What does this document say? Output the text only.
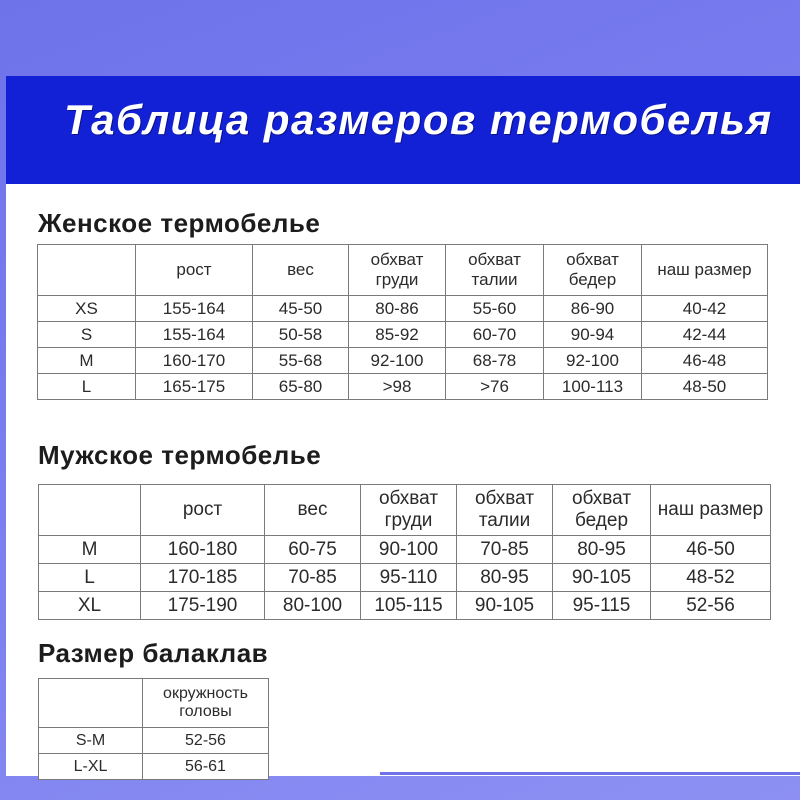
Таблица размеров термобелья
Женское термобелье
	рост	вес	обхват груди	обхват талии	обхват бедер	наш размер
XS	155-164	45-50	80-86	55-60	86-90	40-42
S	155-164	50-58	85-92	60-70	90-94	42-44
M	160-170	55-68	92-100	68-78	92-100	46-48
L	165-175	65-80	>98	>76	100-113	48-50
Мужское термобелье
	рост	вес	обхват груди	обхват талии	обхват бедер	наш размер
M	160-180	60-75	90-100	70-85	80-95	46-50
L	170-185	70-85	95-110	80-95	90-105	48-52
XL	175-190	80-100	105-115	90-105	95-115	52-56
Размер балаклав
	окружность головы
S-M	52-56
L-XL	56-61
